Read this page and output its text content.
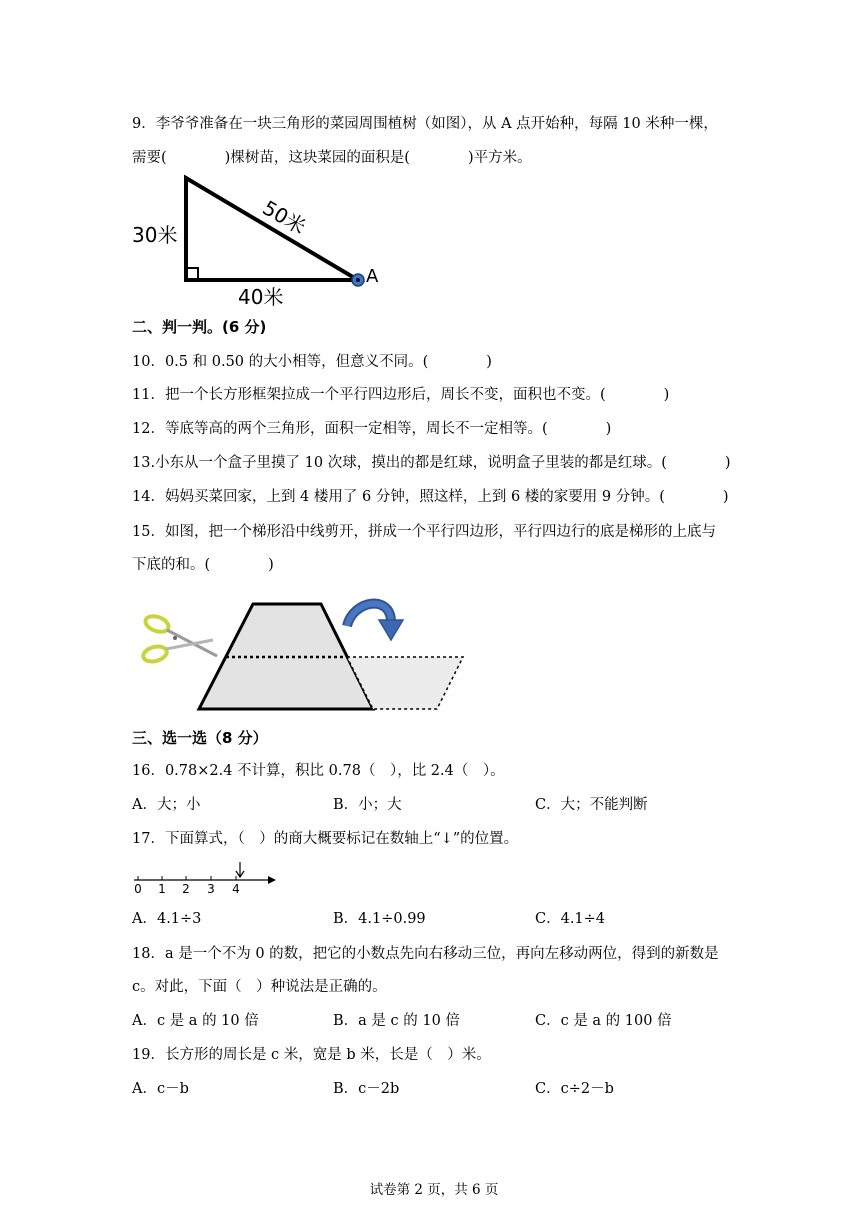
9．李爷爷准备在一块三角形的菜园周围植树（如图），从 A 点开始种，每隔 10 米种一棵，
需要(　　　　)棵树苗，这块菜园的面积是(　　　　)平方米。
30米
40米
50米
A
二、判一判。(6 分)
10．0.5 和 0.50 的大小相等，但意义不同。(　　　　)
11．把一个长方形框架拉成一个平行四边形后，周长不变，面积也不变。(　　　　)
12．等底等高的两个三角形，面积一定相等，周长不一定相等。(　　　　)
13.小东从一个盒子里摸了 10 次球，摸出的都是红球，说明盒子里装的都是红球。(　　　　)
14．妈妈买菜回家，上到 4 楼用了 6 分钟，照这样，上到 6 楼的家要用 9 分钟。(　　　　)
15．如图，把一个梯形沿中线剪开，拼成一个平行四边形，平行四边行的底是梯形的上底与
下底的和。(　　　　)
三、选一选（8 分）
16．0.78×2.4 不计算，积比 0.78（　），比 2.4（　）。
A．大；小	B．小；大	C．大；不能判断
17．下面算式，（　）的商大概要标记在数轴上“↓”的位置。
0 1 2 3 4
A．4.1÷3	B．4.1÷0.99	C．4.1÷4
18．a 是一个不为 0 的数，把它的小数点先向右移动三位，再向左移动两位，得到的新数是
c。对此，下面（　）种说法是正确的。
A．c 是 a 的 10 倍	B．a 是 c 的 10 倍	C．c 是 a 的 100 倍
19．长方形的周长是 c 米，宽是 b 米，长是（　）米。
A．c－b	B．c－2b	C．c÷2－b
试卷第 2 页，共 6 页
